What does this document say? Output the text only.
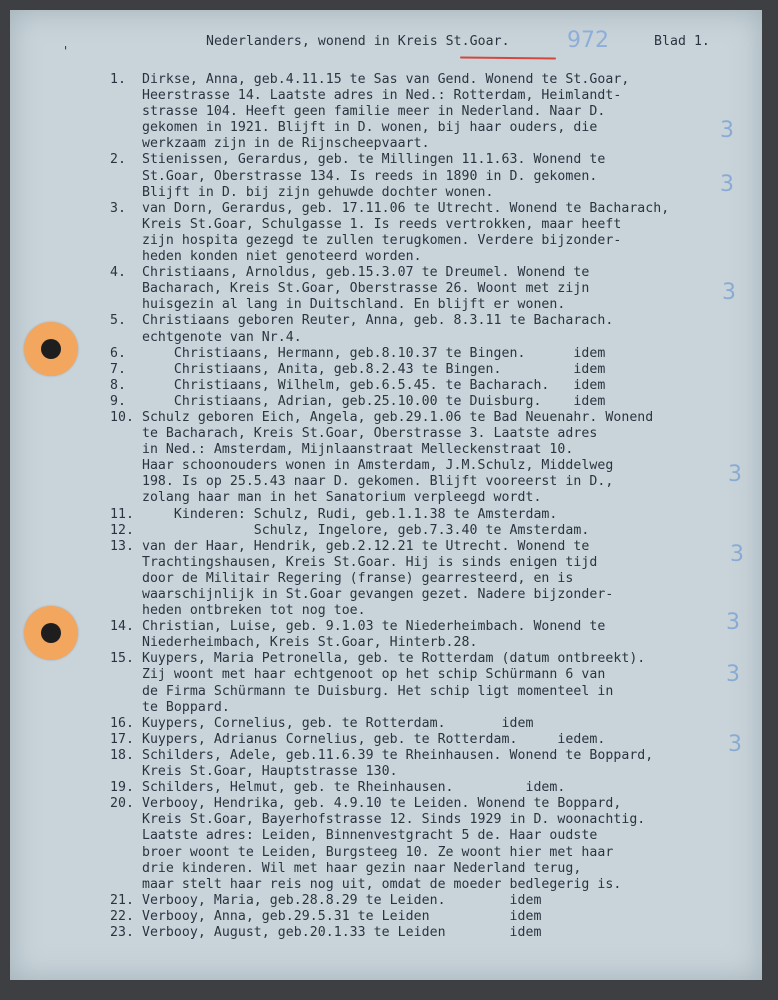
'
Nederlanders, wonend in Kreis St.Goar.	972	Blad 1.
3
3
3
3
3
3
3
3
1.  Dirkse, Anna, geb.4.11.15 te Sas van Gend. Wonend te St.Goar,
Heerstrasse 14. Laatste adres in Ned.: Rotterdam, Heimlandt-
strasse 104. Heeft geen familie meer in Nederland. Naar D.
gekomen in 1921. Blijft in D. wonen, bij haar ouders, die
werkzaam zijn in de Rijnscheepvaart.
2.  Stienissen, Gerardus, geb. te Millingen 11.1.63. Wonend te
St.Goar, Oberstrasse 134. Is reeds in 1890 in D. gekomen.
Blijft in D. bij zijn gehuwde dochter wonen.
3.  van Dorn, Gerardus, geb. 17.11.06 te Utrecht. Wonend te Bacharach,
Kreis St.Goar, Schulgasse 1. Is reeds vertrokken, maar heeft
zijn hospita gezegd te zullen terugkomen. Verdere bijzonder-
heden konden niet genoteerd worden.
4.  Christiaans, Arnoldus, geb.15.3.07 te Dreumel. Wonend te
Bacharach, Kreis St.Goar, Oberstrasse 26. Woont met zijn
huisgezin al lang in Duitschland. En blijft er wonen.
5.  Christiaans geboren Reuter, Anna, geb. 8.3.11 te Bacharach.
echtgenote van Nr.4.
6.      Christiaans, Hermann, geb.8.10.37 te Bingen.      idem
7.      Christiaans, Anita, geb.8.2.43 te Bingen.         idem
8.      Christiaans, Wilhelm, geb.6.5.45. te Bacharach.   idem
9.      Christiaans, Adrian, geb.25.10.00 te Duisburg.    idem
10. Schulz geboren Eich, Angela, geb.29.1.06 te Bad Neuenahr. Wonend
te Bacharach, Kreis St.Goar, Oberstrasse 3. Laatste adres
in Ned.: Amsterdam, Mijnlaanstraat Melleckenstraat 10.
Haar schoonouders wonen in Amsterdam, J.M.Schulz, Middelweg
198. Is op 25.5.43 naar D. gekomen. Blijft vooreerst in D.,
zolang haar man in het Sanatorium verpleegd wordt.
11.     Kinderen: Schulz, Rudi, geb.1.1.38 te Amsterdam.
12.               Schulz, Ingelore, geb.7.3.40 te Amsterdam.
13. van der Haar, Hendrik, geb.2.12.21 te Utrecht. Wonend te
Trachtingshausen, Kreis St.Goar. Hij is sinds enigen tijd
door de Militair Regering (franse) gearresteerd, en is
waarschijnlijk in St.Goar gevangen gezet. Nadere bijzonder-
heden ontbreken tot nog toe.
14. Christian, Luise, geb. 9.1.03 te Niederheimbach. Wonend te
Niederheimbach, Kreis St.Goar, Hinterb.28.
15. Kuypers, Maria Petronella, geb. te Rotterdam (datum ontbreekt).
Zij woont met haar echtgenoot op het schip Schürmann 6 van
de Firma Schürmann te Duisburg. Het schip ligt momenteel in
te Boppard.
16. Kuypers, Cornelius, geb. te Rotterdam.       idem
17. Kuypers, Adrianus Cornelius, geb. te Rotterdam.     iedem.
18. Schilders, Adele, geb.11.6.39 te Rheinhausen. Wonend te Boppard,
Kreis St.Goar, Hauptstrasse 130.
19. Schilders, Helmut, geb. te Rheinhausen.         idem.
20. Verbooy, Hendrika, geb. 4.9.10 te Leiden. Wonend te Boppard,
Kreis St.Goar, Bayerhofstrasse 12. Sinds 1929 in D. woonachtig.
Laatste adres: Leiden, Binnenvestgracht 5 de. Haar oudste
broer woont te Leiden, Burgsteeg 10. Ze woont hier met haar
drie kinderen. Wil met haar gezin naar Nederland terug,
maar stelt haar reis nog uit, omdat de moeder bedlegerig is.
21. Verbooy, Maria, geb.28.8.29 te Leiden.        idem
22. Verbooy, Anna, geb.29.5.31 te Leiden          idem
23. Verbooy, August, geb.20.1.33 te Leiden        idem
